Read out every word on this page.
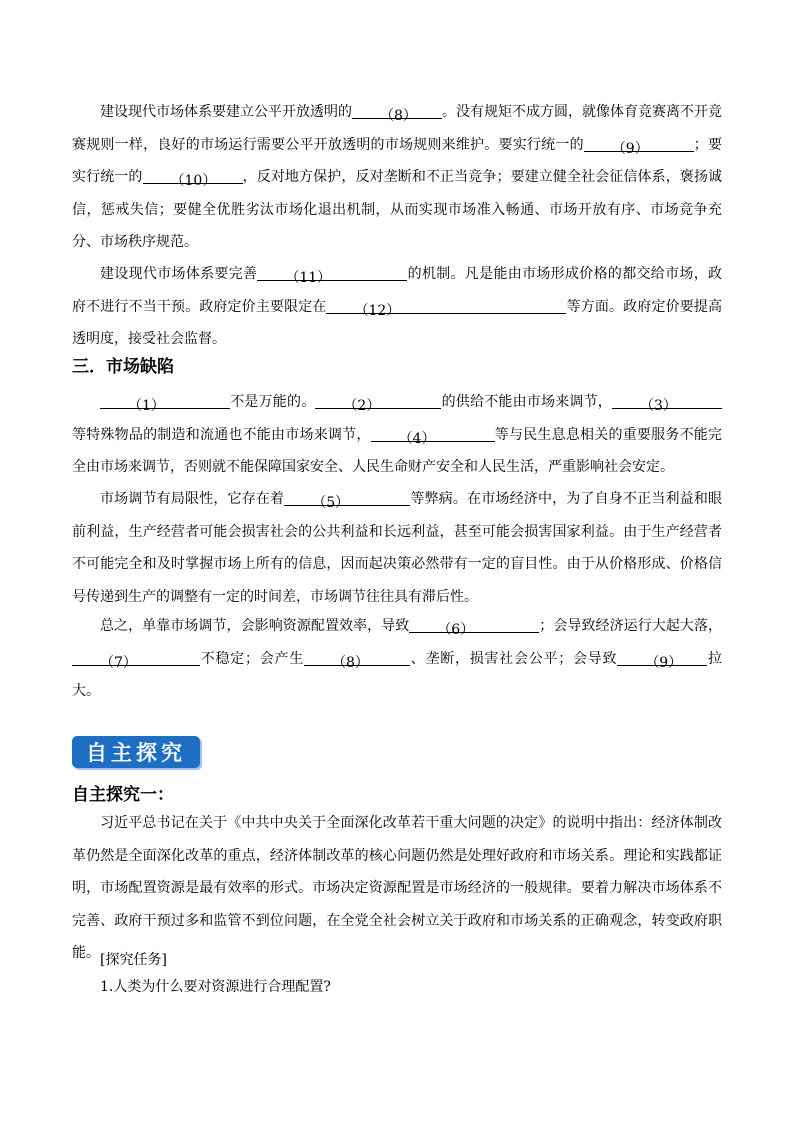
建设现代市场体系要建立公平开放透明的 （8） 。没有规矩不成方圆，就像体育竞赛离不开竞赛规则一样，良好的市场运行需要公平开放透明的市场规则来维护。要实行统一的 （9）	；要实行统一的 （10） ，反对地方保护，反对垄断和不正当竞争；要建立健全社会征信体系，褒扬诚信，惩戒失信；要健全优胜劣汰市场化退出机制，从而实现市场准入畅通、市场开放有序、市场竞争充分、市场秩序规范。

建设现代市场体系要完善 （11）	的机制。凡是能由市场形成价格的都交给市场，政府不进行不当干预。政府定价主要限定在 （12）	等方面。政府定价要提高透明度，接受社会监督。

三．市场缺陷

（1）	不是万能的。 （2）	的供给不能由市场来调节， （3）等特殊物品的制造和流通也不能由市场来调节， （4）	等与民生息息相关的重要服务不能完全由市场来调节，否则就不能保障国家安全、人民生命财产安全和人民生活，严重影响社会安定。

市场调节有局限性，它存在着 （5）	等弊病。在市场经济中，为了自身不正当利益和眼前利益，生产经营者可能会损害社会的公共利益和长远利益，甚至可能会损害国家利益。由于生产经营者不可能完全和及时掌握市场上所有的信息，因而起决策必然带有一定的盲目性。由于从价格形成、价格信号传递到生产的调整有一定的时间差，市场调节往往具有滞后性。

总之，单靠市场调节，会影响资源配置效率，导致 （6）	；会导致经济运行大起大落，（7）	不稳定；会产生 （8）	、垄断，损害社会公平；会导致 （9） 拉大。

自主探究
自主探究一：

习近平总书记在关于《中共中央关于全面深化改革若干重大问题的决定》的说明中指出：经济体制改革仍然是全面深化改革的重点，经济体制改革的核心问题仍然是处理好政府和市场关系。理论和实践都证明，市场配置资源是最有效率的形式。市场决定资源配置是市场经济的一般规律。要着力解决市场体系不完善、政府干预过多和监管不到位问题，在全党全社会树立关于政府和市场关系的正确观念，转变政府职能。 [探究任务]
1.人类为什么要对资源进行合理配置?
